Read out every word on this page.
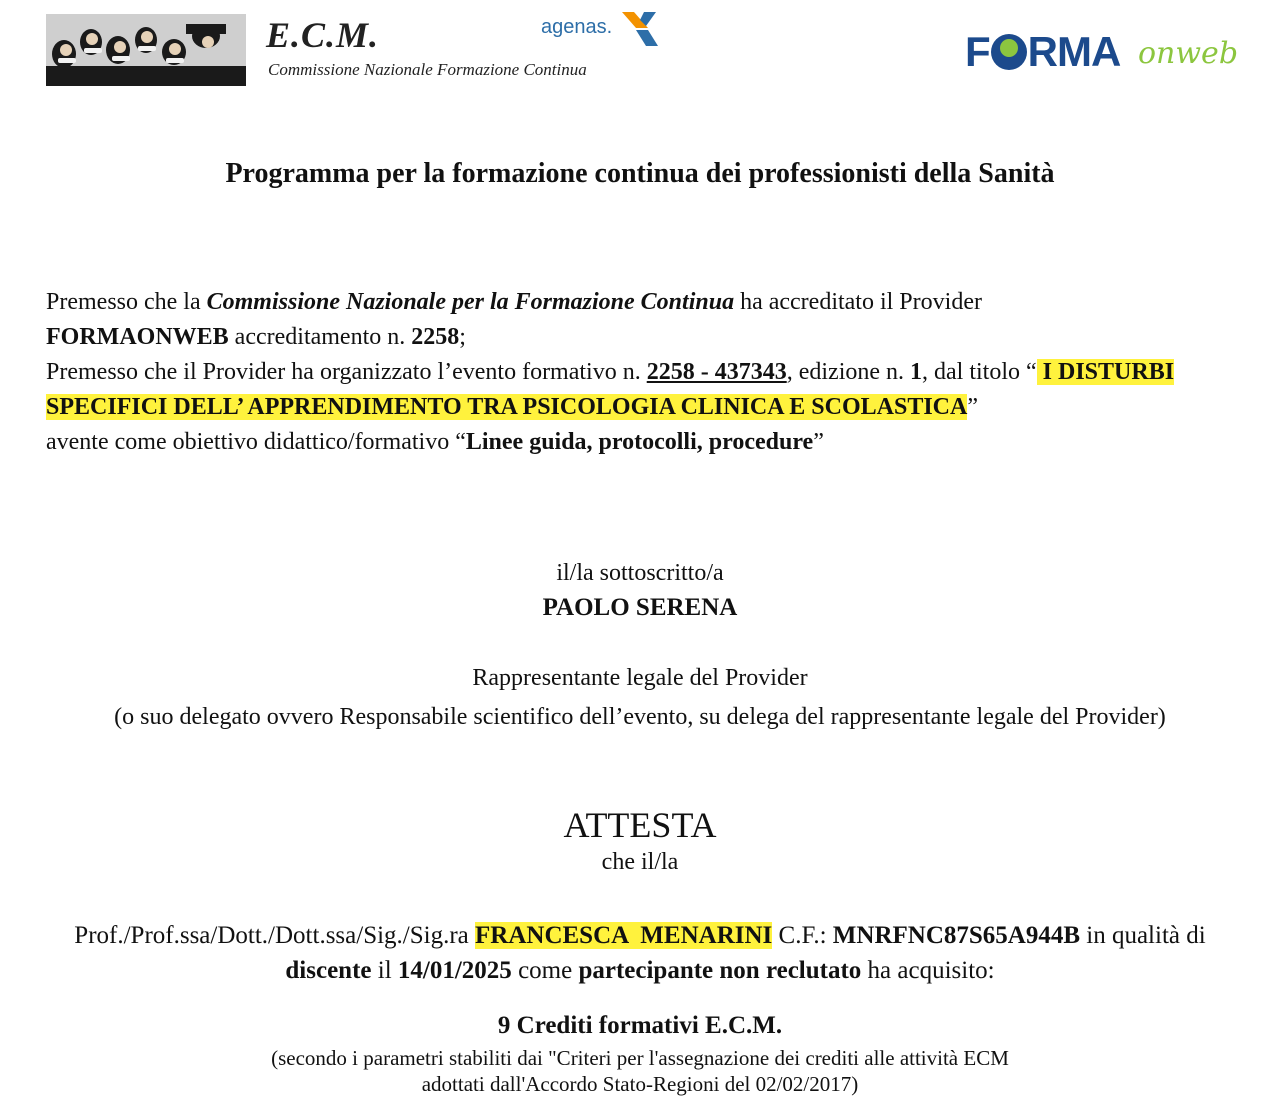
E.C.M.
Commissione Nazionale Formazione Continua
agenas.
F RMA onweb
Programma per la formazione continua dei professionisti della Sanità
Premesso che la Commissione Nazionale per la Formazione Continua ha accreditato il Provider
FORMAONWEB accreditamento n. 2258;
Premesso che il Provider ha organizzato l’evento formativo n. 2258 - 437343, edizione n. 1, dal titolo “ I DISTURBI SPECIFICI DELL’ APPRENDIMENTO TRA PSICOLOGIA CLINICA E SCOLASTICA”
avente come obiettivo didattico/formativo “Linee guida, protocolli, procedure”
il/la sottoscritto/a
PAOLO SERENA
Rappresentante legale del Provider
(o suo delegato ovvero Responsabile scientifico dell’evento, su delega del rappresentante legale del Provider)
ATTESTA
che il/la
Prof./Prof.ssa/Dott./Dott.ssa/Sig./Sig.ra FRANCESCA  MENARINI C.F.: MNRFNC87S65A944B in qualità di discente il 14/01/2025 come partecipante non reclutato ha acquisito:
9 Crediti formativi E.C.M.
(secondo i parametri stabiliti dai "Criteri per l'assegnazione dei crediti alle attività ECM
adottati dall'Accordo Stato-Regioni del 02/02/2017)
